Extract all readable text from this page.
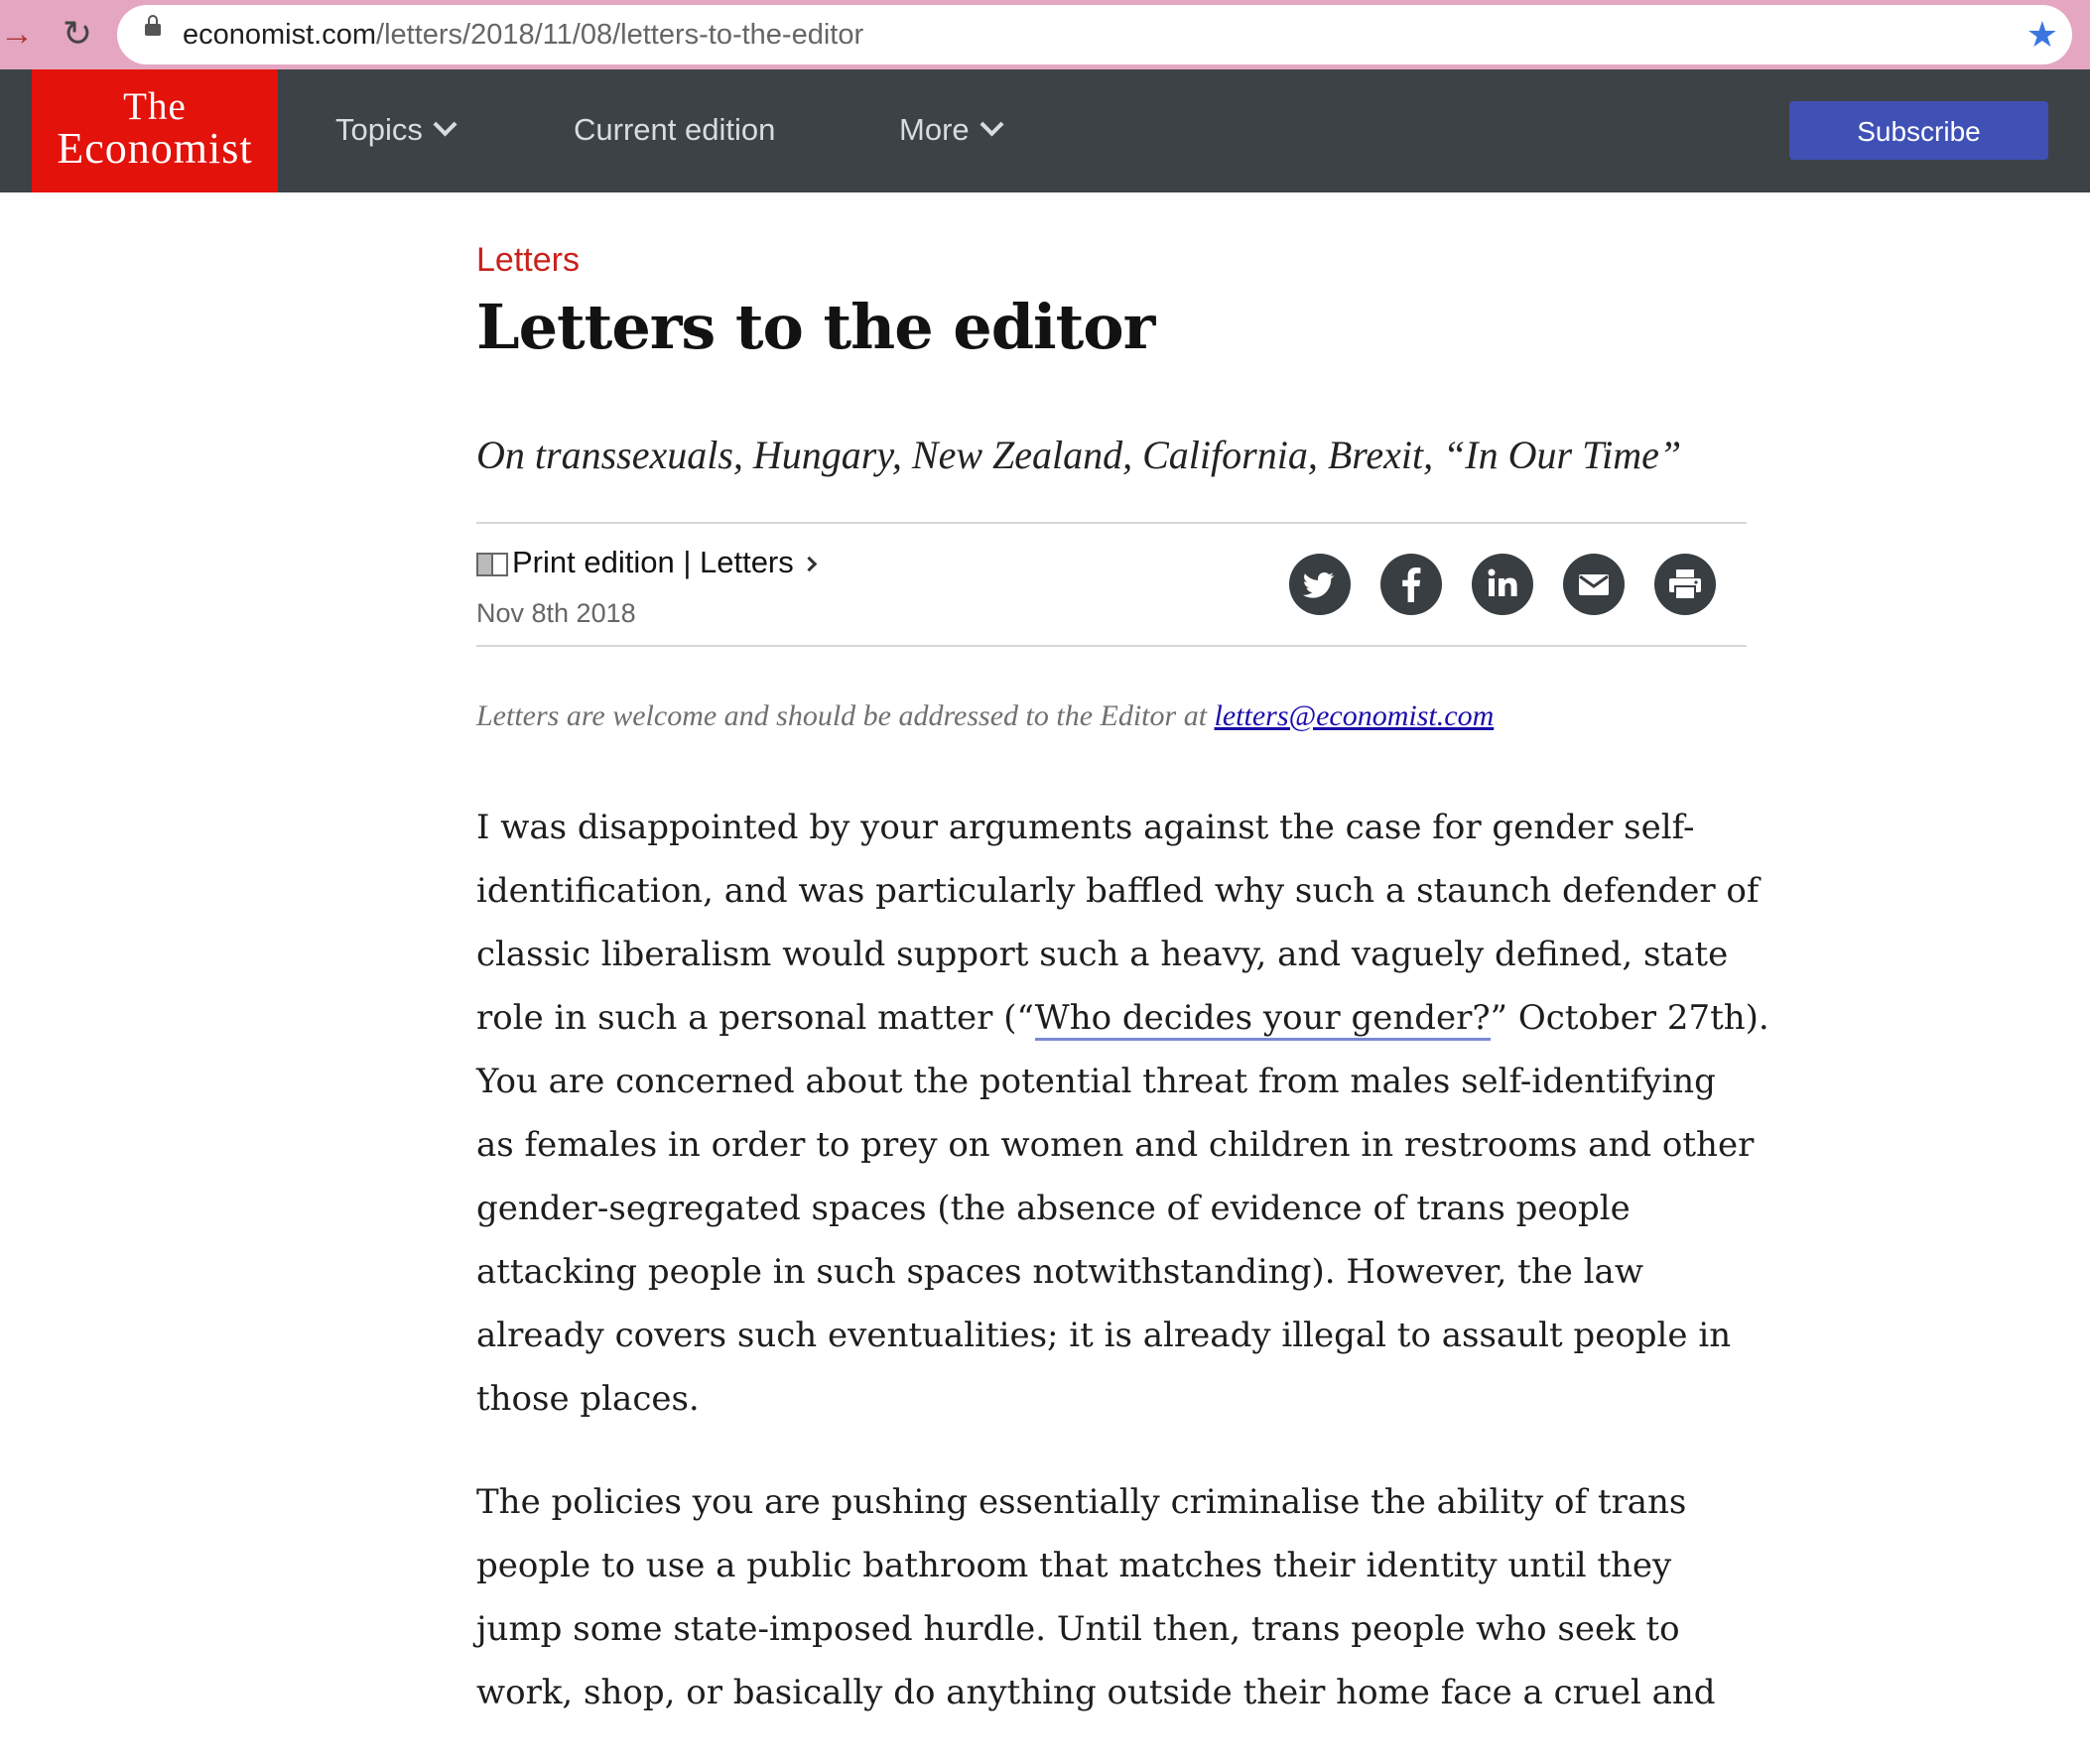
→ ↻	economist.com/letters/2018/11/08/letters-to-the-editor	★
The
Economist	Topics	Current edition	More	Subscribe
Letters
Letters to the editor
On transsexuals, Hungary, New Zealand, California, Brexit, “In Our Time”
Print edition | Letters
Nov 8th 2018
Letters are welcome and should be addressed to the Editor at letters@economist.com

I was disappointed by your arguments against the case for gender self-
identification, and was particularly baffled why such a staunch defender of
classic liberalism would support such a heavy, and vaguely defined, state
role in such a personal matter (“Who decides your gender?” October 27th).
You are concerned about the potential threat from males self-identifying
as females in order to prey on women and children in restrooms and other
gender-segregated spaces (the absence of evidence of trans people
attacking people in such spaces notwithstanding). However, the law
already covers such eventualities; it is already illegal to assault people in
those places.

The policies you are pushing essentially criminalise the ability of trans
people to use a public bathroom that matches their identity until they
jump some state-imposed hurdle. Until then, trans people who seek to
work, shop, or basically do anything outside their home face a cruel and
